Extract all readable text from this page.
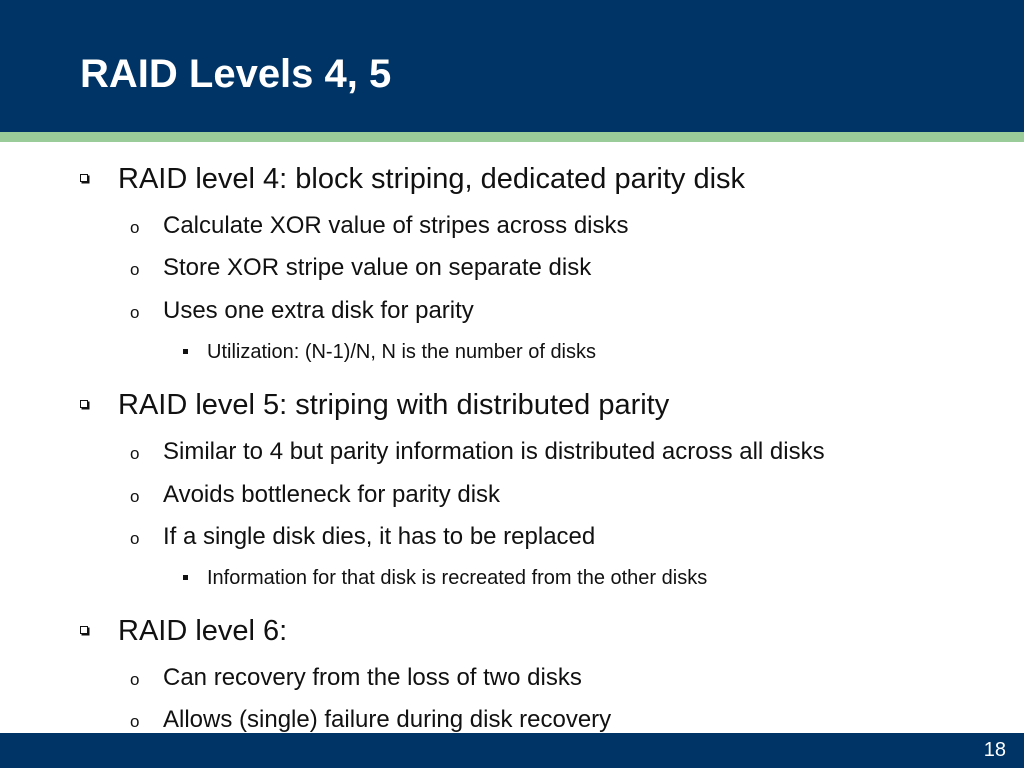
RAID Levels 4, 5
RAID level 4: block striping, dedicated parity disk
o Calculate XOR value of stripes across disks
o Store XOR stripe value on separate disk
o Uses one extra disk for parity
Utilization: (N-1)/N, N is the number of disks
RAID level 5: striping with distributed parity
o Similar to 4 but parity information is distributed across all disks
o Avoids bottleneck for parity disk
o If a single disk dies, it has to be replaced
Information for that disk is recreated from the other disks
RAID level 6:
o Can recovery from the loss of two disks
o Allows (single) failure during disk recovery
18
